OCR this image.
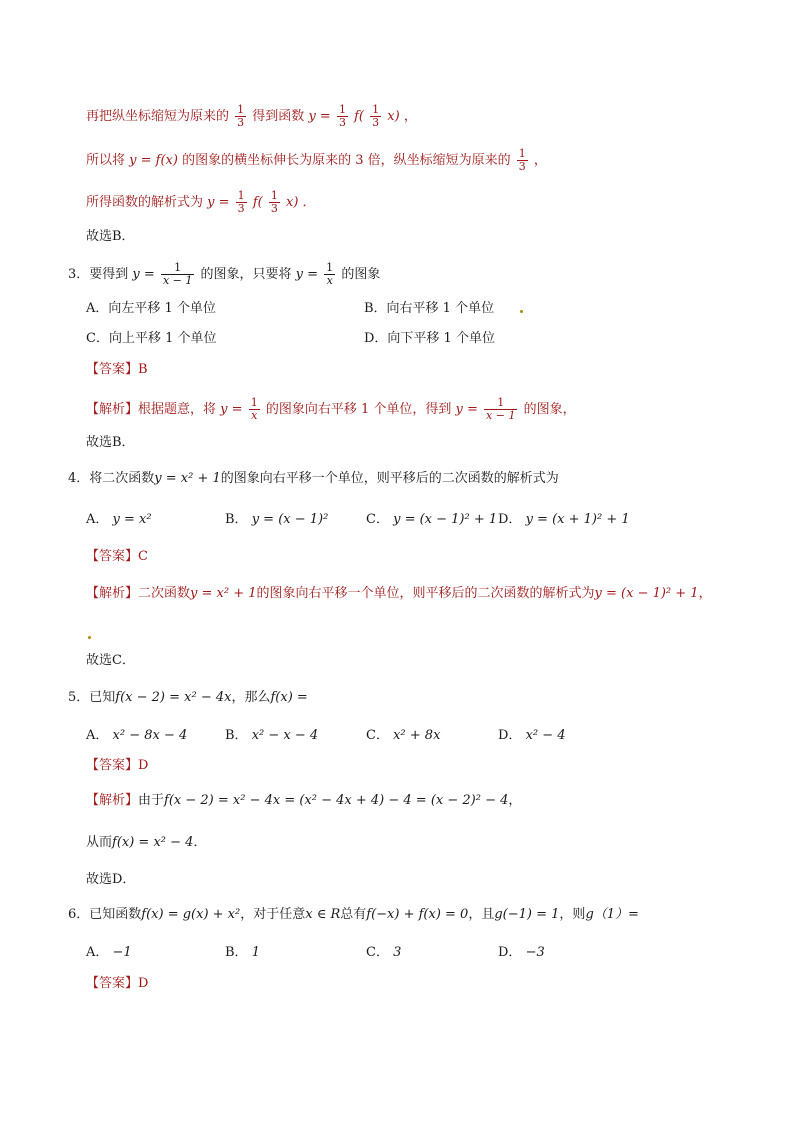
再把纵坐标缩短为原来的 $\frac{1}{3}$ 得到函数 $y = \frac{1}{3} f( \frac{1}{3} x)$ ，
所以将 y = f(x) 的图象的横坐标伸长为原来的 3 倍，纵坐标缩短为原来的 $\frac{1}{3}$ ，
所得函数的解析式为 $y = \frac{1}{3} f( \frac{1}{3} x)$ ．
故选B．
3．要得到 $y = \frac{1}{x - 1}$ 的图象，只要将 $y = \frac{1}{x}$ 的图象
A．向左平移 1 个单位	B．向右平移 1 个单位
C．向上平移 1 个单位	D．向下平移 1 个单位
【答案】B
【解析】根据题意，将 $y = \frac{1}{x}$ 的图象向右平移 1 个单位，得到 $y = \frac{1}{x - 1}$ 的图象，
故选B．
4．将二次函数y = x² + 1的图象向右平移一个单位，则平移后的二次函数的解析式为
A． y = x²	B． y = (x − 1)²	C． y = (x − 1)² + 1 D． y = (x + 1)² + 1
【答案】C
【解析】二次函数y = x² + 1的图象向右平移一个单位，则平移后的二次函数的解析式为y = (x − 1)² + 1，
故选C．
5．已知f(x − 2) = x² − 4x，那么f(x) =
A． x² − 8x − 4	B． x² − x − 4	C． x² + 8x	D． x² − 4
【答案】D
【解析】由于f(x − 2) = x² − 4x = (x² − 4x + 4) − 4 = (x − 2)² − 4，
从而f(x) = x² − 4．
故选D．
6．已知函数f(x) = g(x) + x²，对于任意x ∈ R总有f(−x) + f(x) = 0，且g(−1) = 1，则g（1）=
A． −1	B． 1	C． 3	D． −3
【答案】D
